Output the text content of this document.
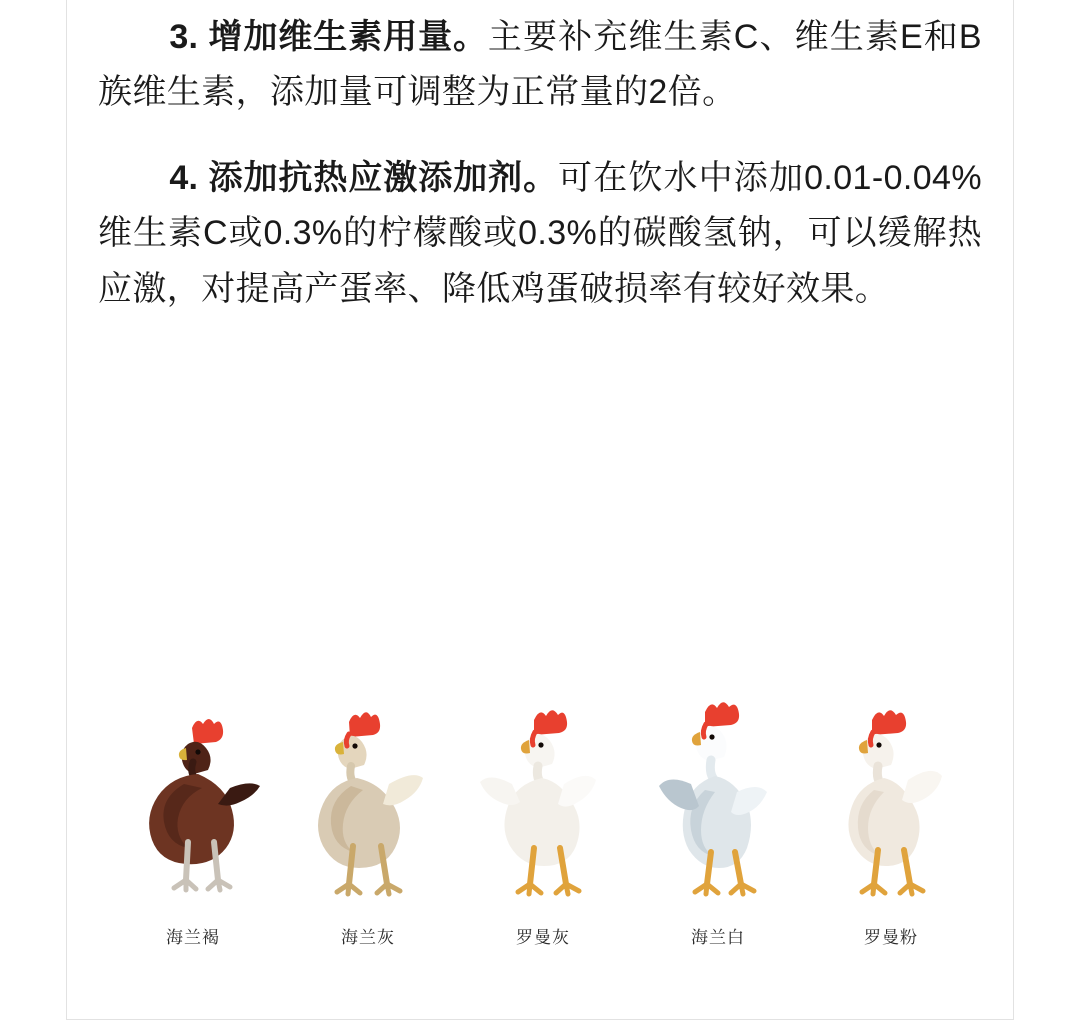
3. 增加维生素用量。主要补充维生素C、维生素E和B族维生素，添加量可调整为正常量的2倍。

4. 添加抗热应激添加剂。可在饮水中添加0.01-0.04%维生素C或0.3%的柠檬酸或0.3%的碳酸氢钠，可以缓解热应激，对提高产蛋率、降低鸡蛋破损率有较好效果。

海兰褐	海兰灰	罗曼灰	海兰白	罗曼粉
